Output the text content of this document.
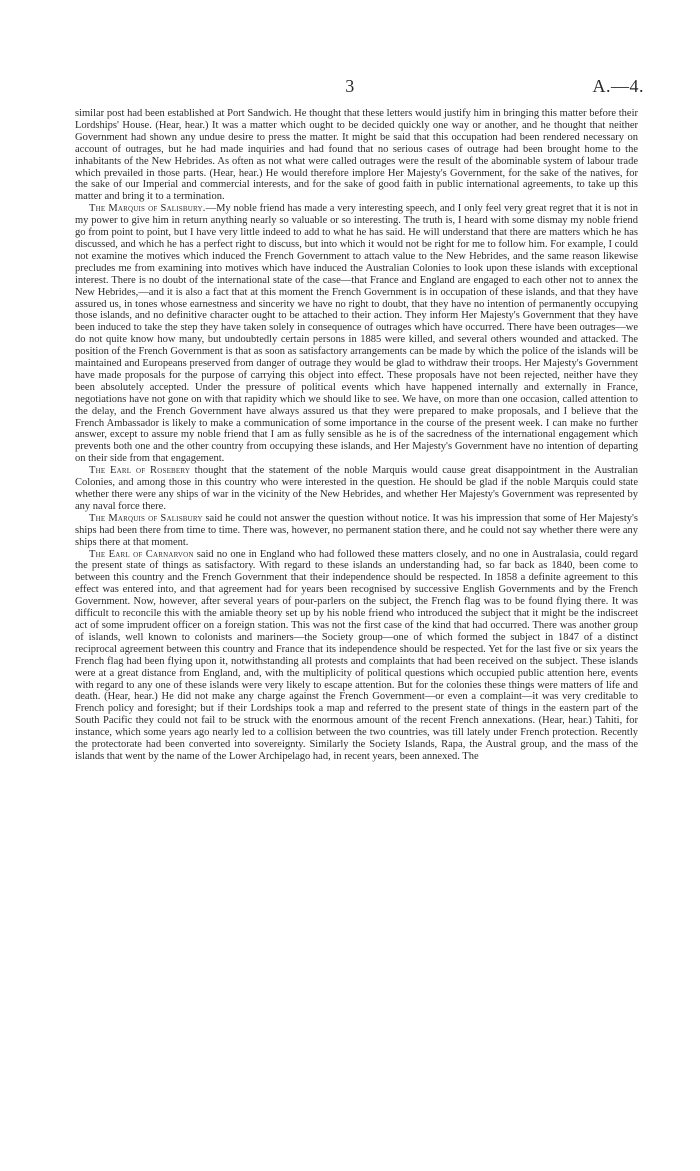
3	A.—4.

similar post had been established at Port Sandwich. He thought that these letters would justify him in bringing this matter before their Lordships' House. (Hear, hear.) It was a matter which ought to be decided quickly one way or another, and he thought that neither Government had shown any undue desire to press the matter. It might be said that this occupation had been rendered necessary on account of outrages, but he had made inquiries and had found that no serious cases of outrage had been brought home to the inhabitants of the New Hebrides. As often as not what were called outrages were the result of the abominable system of labour trade which prevailed in those parts. (Hear, hear.) He would therefore implore Her Majesty's Government, for the sake of the natives, for the sake of our Imperial and commercial interests, and for the sake of good faith in public international agreements, to take up this matter and bring it to a termination.

The Marquis of Salisbury.—My noble friend has made a very interesting speech, and I only feel very great regret that it is not in my power to give him in return anything nearly so valuable or so interesting. The truth is, I heard with some dismay my noble friend go from point to point, but I have very little indeed to add to what he has said. He will understand that there are matters which he has discussed, and which he has a perfect right to discuss, but into which it would not be right for me to follow him. For example, I could not examine the motives which induced the French Government to attach value to the New Hebrides, and the same reason likewise precludes me from examining into motives which have induced the Australian Colonies to look upon these islands with exceptional interest. There is no doubt of the international state of the case—that France and England are engaged to each other not to annex the New Hebrides,—and it is also a fact that at this moment the French Government is in occupation of these islands, and that they have assured us, in tones whose earnestness and sincerity we have no right to doubt, that they have no intention of permanently occupying those islands, and no definitive character ought to be attached to their action. They inform Her Majesty's Government that they have been induced to take the step they have taken solely in consequence of outrages which have occurred. There have been outrages—we do not quite know how many, but undoubtedly certain persons in 1885 were killed, and several others wounded and attacked. The position of the French Government is that as soon as satisfactory arrangements can be made by which the police of the islands will be maintained and Europeans preserved from danger of outrage they would be glad to withdraw their troops. Her Majesty's Government have made proposals for the purpose of carrying this object into effect. These proposals have not been rejected, neither have they been absolutely accepted. Under the pressure of political events which have happened internally and externally in France, negotiations have not gone on with that rapidity which we should like to see. We have, on more than one occasion, called attention to the delay, and the French Government have always assured us that they were prepared to make proposals, and I believe that the French Ambassador is likely to make a communication of some importance in the course of the present week. I can make no further answer, except to assure my noble friend that I am as fully sensible as he is of the sacredness of the international engagement which prevents both one and the other country from occupying these islands, and Her Majesty's Government have no intention of departing on their side from that engagement.

The Earl of Rosebery thought that the statement of the noble Marquis would cause great disappointment in the Australian Colonies, and among those in this country who were interested in the question. He should be glad if the noble Marquis could state whether there were any ships of war in the vicinity of the New Hebrides, and whether Her Majesty's Government was represented by any naval force there.

The Marquis of Salisbury said he could not answer the question without notice. It was his impression that some of Her Majesty's ships had been there from time to time. There was, however, no permanent station there, and he could not say whether there were any ships there at that moment.

The Earl of Carnarvon said no one in England who had followed these matters closely, and no one in Australasia, could regard the present state of things as satisfactory. With regard to these islands an understanding had, so far back as 1840, been come to between this country and the French Government that their independence should be respected. In 1858 a definite agreement to this effect was entered into, and that agreement had for years been recognised by successive English Governments and by the French Government. Now, however, after several years of pour-parlers on the subject, the French flag was to be found flying there. It was difficult to reconcile this with the amiable theory set up by his noble friend who introduced the subject that it might be the indiscreet act of some imprudent officer on a foreign station. This was not the first case of the kind that had occurred. There was another group of islands, well known to colonists and mariners—the Society group—one of which formed the subject in 1847 of a distinct reciprocal agreement between this country and France that its independence should be respected. Yet for the last five or six years the French flag had been flying upon it, notwithstanding all protests and complaints that had been received on the subject. These islands were at a great distance from England, and, with the multiplicity of political questions which occupied public attention here, events with regard to any one of these islands were very likely to escape attention. But for the colonies these things were matters of life and death. (Hear, hear.) He did not make any charge against the French Government—or even a complaint—it was very creditable to French policy and foresight; but if their Lordships took a map and referred to the present state of things in the eastern part of the South Pacific they could not fail to be struck with the enormous amount of the recent French annexations. (Hear, hear.) Tahiti, for instance, which some years ago nearly led to a collision between the two countries, was till lately under French protection. Recently the protectorate had been converted into sovereignty. Similarly the Society Islands, Rapa, the Austral group, and the mass of the islands that went by the name of the Lower Archipelago had, in recent years, been annexed. The
